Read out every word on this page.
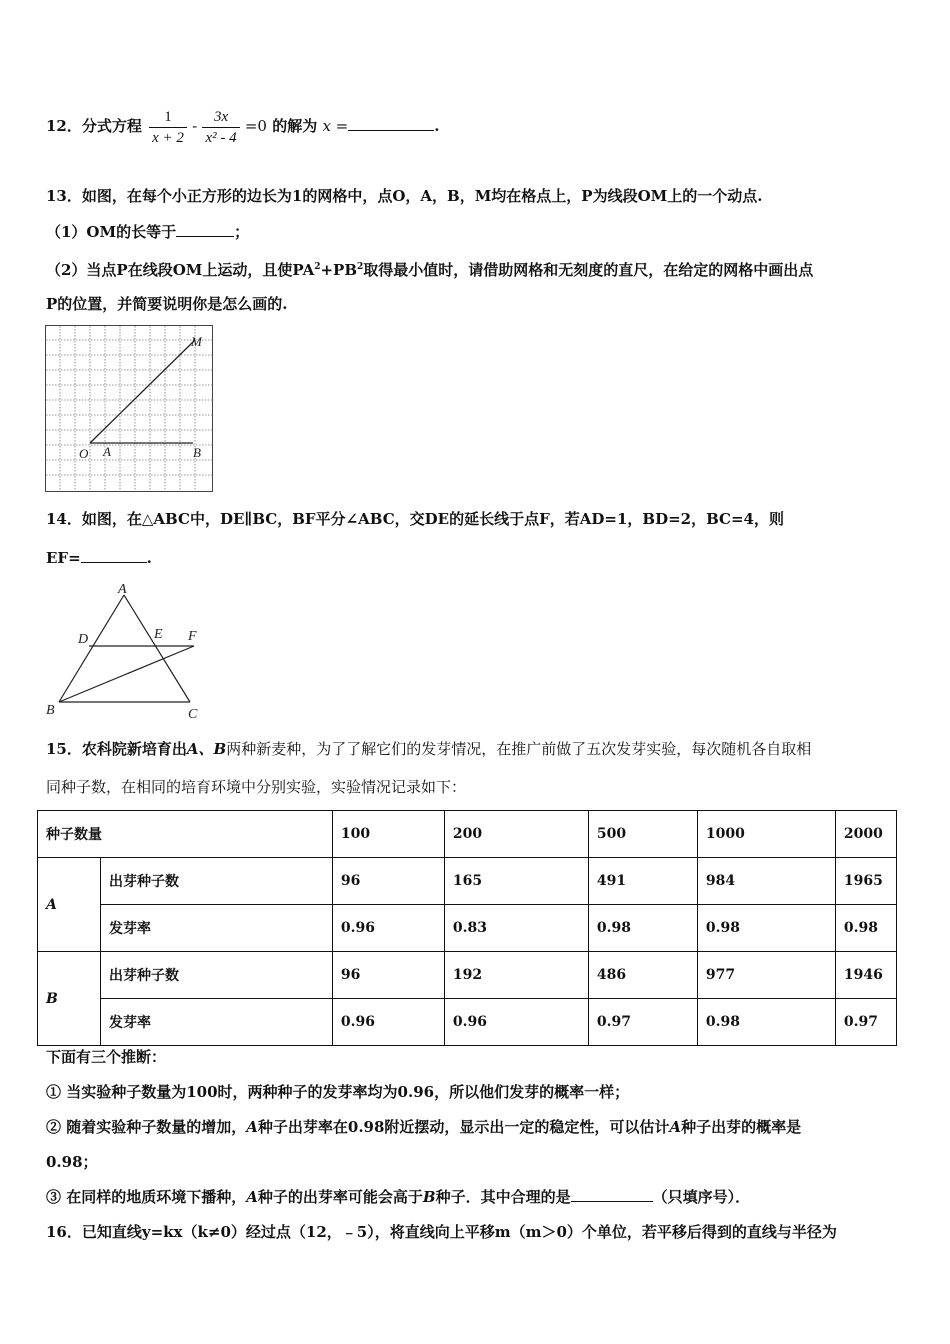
12．分式方程 $\frac{1}{x + 2} - \frac{3x}{\text{x² - 4}} =0$ 的解为 x =	.
13．如图，在每个小正方形的边长为1的网格中，点O，A，B，M均在格点上，P为线段OM上的一个动点.
（1）OM的长等于	；
（2）当点P在线段OM上运动，且使$PA^2+PB^2$取得最小值时，请借助网格和无刻度的直尺，在给定的网格中画出点
P的位置，并简要说明你是怎么画的.
O A	B
M
14．如图，在△ABC中，DE∥BC，BF平分∠ABC，交DE的延长线于点F，若AD=1，BD=2，BC=4，则
EF=	.
A
D	E F
B	C
15．农科院新培育出A、B两种新麦种，为了了解它们的发芽情况，在推广前做了五次发芽实验，每次随机各自取相
同种子数，在相同的培育环境中分别实验，实验情况记录如下：
种子数量		100	200	500	1000	2000
A	出芽种子数	96	165	491	984	1965
	发芽率	0.96	0.83	0.98	0.98	0.98
B	出芽种子数	96	192	486	977	1946
	发芽率	0.96	0.96	0.97	0.98	0.97
下面有三个推断：
① 当实验种子数量为100时，两种种子的发芽率均为0.96，所以他们发芽的概率一样；
② 随着实验种子数量的增加，A种子出芽率在0.98附近摆动，显示出一定的稳定性，可以估计A种子出芽的概率是
0.98；
③ 在同样的地质环境下播种，A种子的出芽率可能会高于B种子．其中合理的是	（只填序号）．
16．已知直线y=kx（k≠0）经过点（12，﹣5），将直线向上平移m（m＞0）个单位，若平移后得到的直线与半径为
